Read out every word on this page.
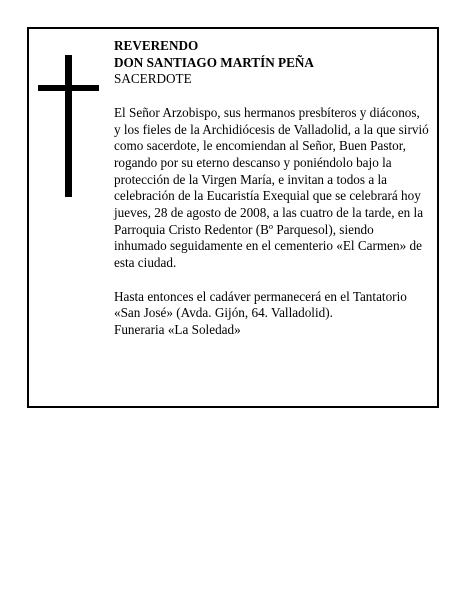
REVERENDO

DON SANTIAGO MARTÍN PEÑA

SACERDOTE

El Señor Arzobispo, sus hermanos presbíteros y diáconos, y los fieles de la Archidiócesis de Valladolid, a la que sirvió como sacerdote, le encomiendan al Señor, Buen Pastor, rogando por su eterno descanso y poniéndolo bajo la protección de la Virgen María, e invitan a todos a la celebración de la Eucaristía Exequial que se celebrará hoy jueves, 28 de agosto de 2008, a las cuatro de la tarde, en la Parroquia Cristo Redentor (Bº Parquesol), siendo inhumado seguidamente en el cementerio «El Carmen» de esta ciudad.

Hasta entonces el cadáver permanecerá en el Tantatorio «San José» (Avda. Gijón, 64. Valladolid).

Funeraria «La Soledad»
